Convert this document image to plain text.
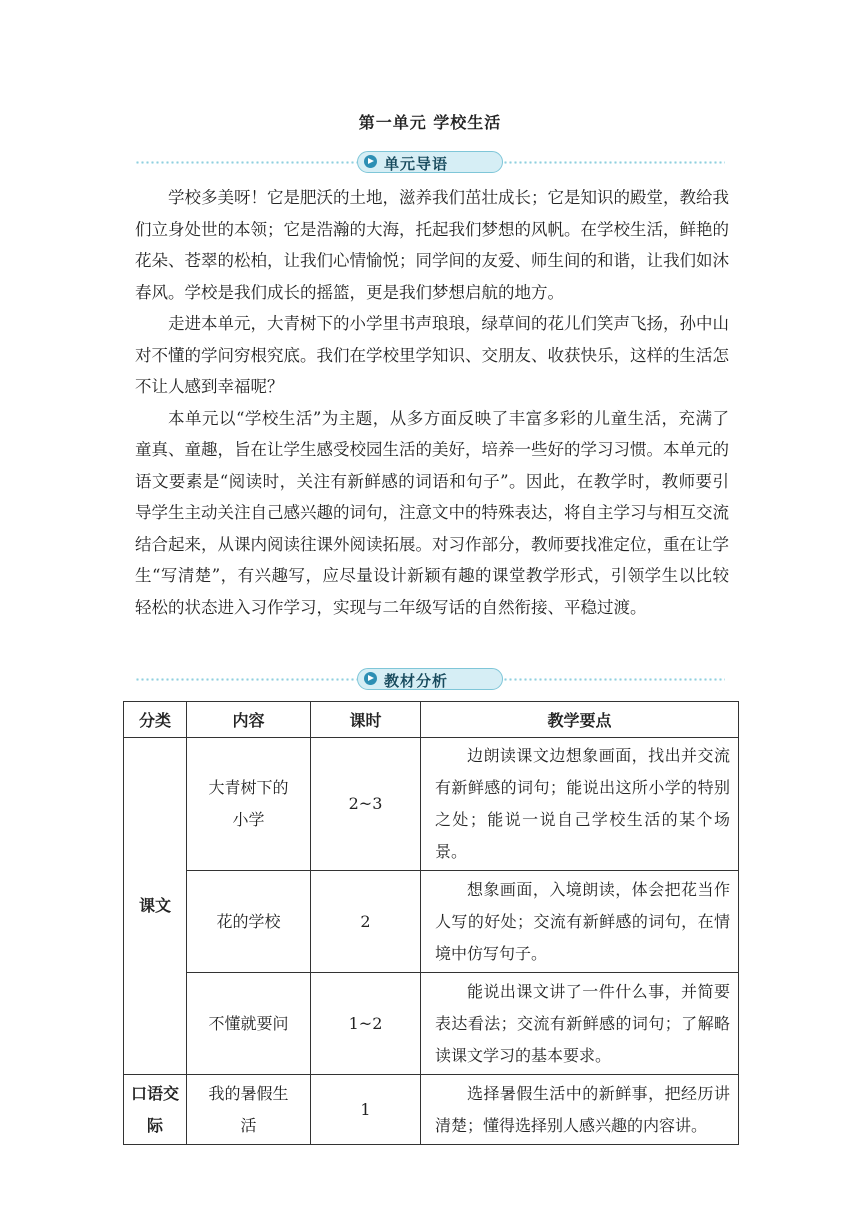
第一单元 学校生活
单元导语

学校多美呀！它是肥沃的土地，滋养我们茁壮成长；它是知识的殿堂，教给我们立身处世的本领；它是浩瀚的大海，托起我们梦想的风帆。在学校生活，鲜艳的花朵、苍翠的松柏，让我们心情愉悦；同学间的友爱、师生间的和谐，让我们如沐春风。学校是我们成长的摇篮，更是我们梦想启航的地方。

走进本单元，大青树下的小学里书声琅琅，绿草间的花儿们笑声飞扬，孙中山对不懂的学问穷根究底。我们在学校里学知识、交朋友、收获快乐，这样的生活怎不让人感到幸福呢？

本单元以“学校生活”为主题，从多方面反映了丰富多彩的儿童生活，充满了童真、童趣，旨在让学生感受校园生活的美好，培养一些好的学习习惯。本单元的语文要素是“阅读时，关注有新鲜感的词语和句子”。因此，在教学时，教师要引导学生主动关注自己感兴趣的词句，注意文中的特殊表达，将自主学习与相互交流结合起来，从课内阅读往课外阅读拓展。对习作部分，教师要找准定位，重在让学生“写清楚”，有兴趣写，应尽量设计新颖有趣的课堂教学形式，引领学生以比较轻松的状态进入习作学习，实现与二年级写话的自然衔接、平稳过渡。

教材分析
分类	内容	课时	教学要点
课文	大青树下的小学	2~3	边朗读课文边想象画面，找出并交流有新鲜感的词句；能说出这所小学的特别之处；能说一说自己学校生活的某个场景。

	花的学校	2	想象画面，入境朗读，体会把花当作人写的好处；交流有新鲜感的词句，在情境中仿写句子。

	不懂就要问	1~2	能说出课文讲了一件什么事，并简要表达看法；交流有新鲜感的词句；了解略读课文学习的基本要求。

口语交际	我的暑假生活	1	选择暑假生活中的新鲜事，把经历讲清楚；懂得选择别人感兴趣的内容讲。
